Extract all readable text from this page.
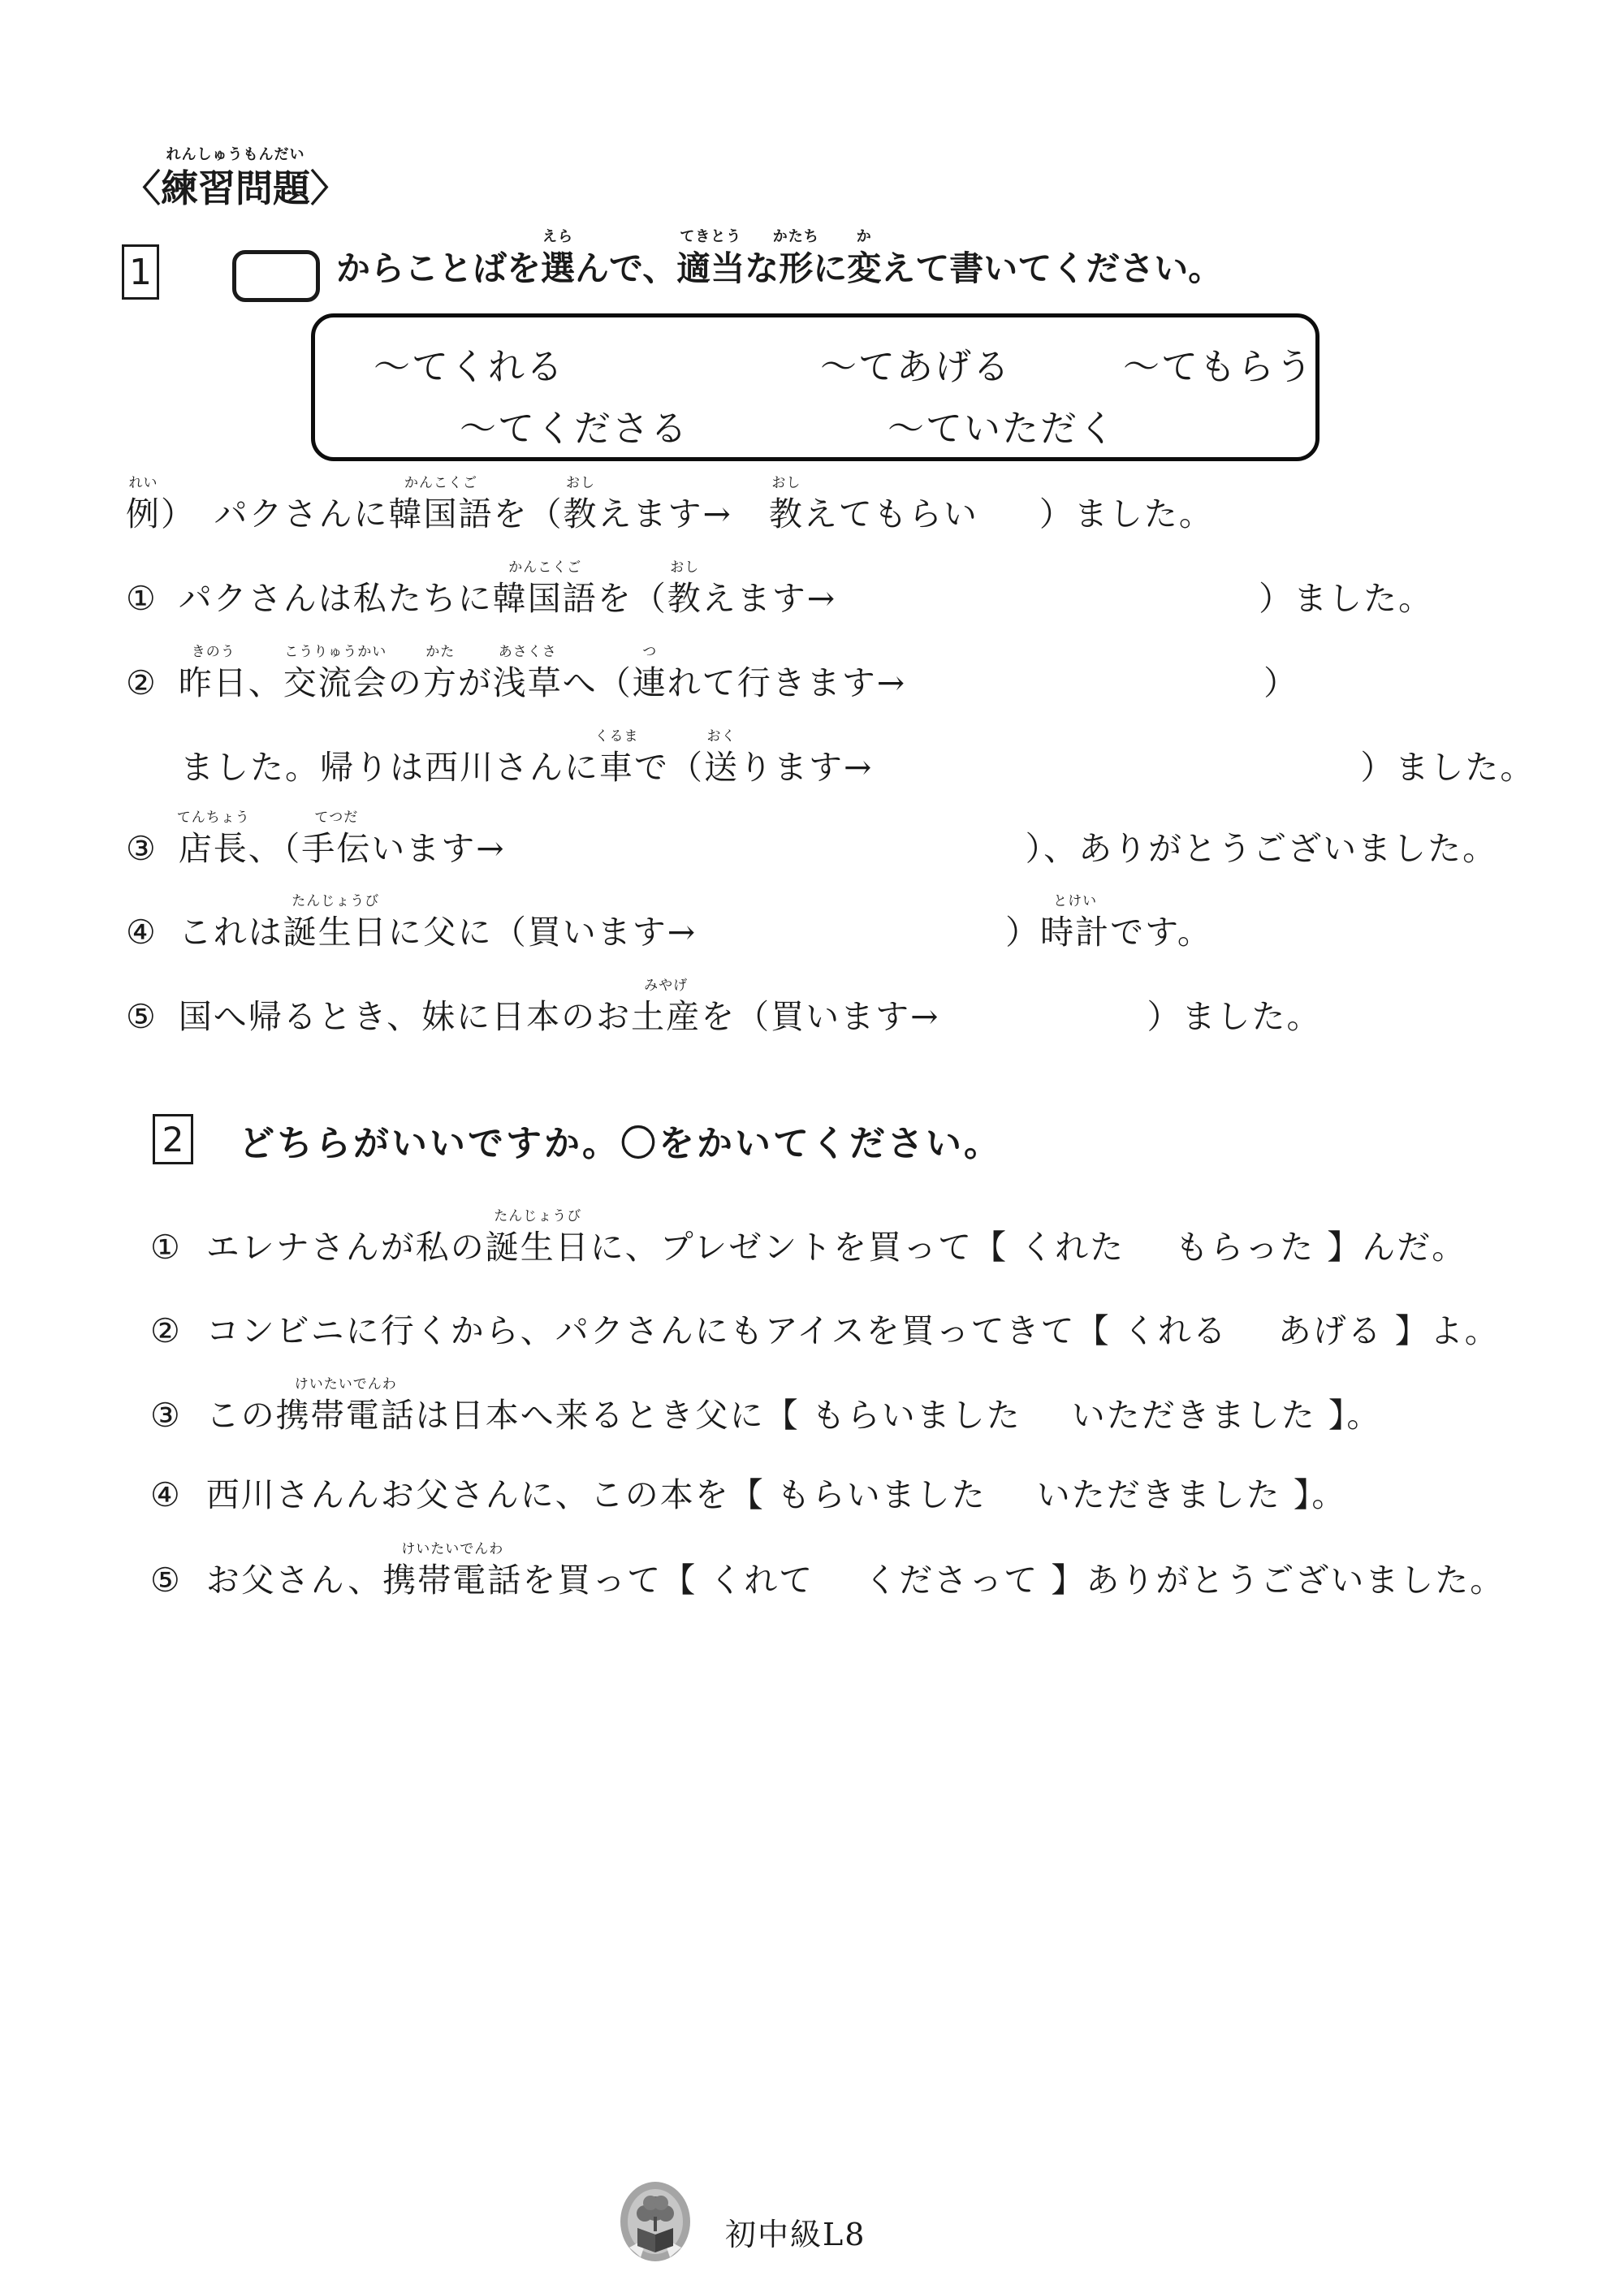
〈練習問題
れんしゅうもんだい
〉
1	からことばを選
えら
んで、適当
てきとう
な形
かたち
に変
か
えて書いてください。
～てくれる	～てあげる	～てもらう
～てくださる	～ていただく
例
れい
）　パクさんに韓国語
かんこくご
を（教
おし
えます→ 教
おし
えてもらい ）ました。
① パクさんは私たちに韓国語
かんこくご
を（教
おし
えます→	）ました。
② 昨日
きのう
、交流会
こうりゅうかい
の方
かた
が浅草
あさくさ
へ（連
つ
れて行きます→	）
ました。帰りは西川さんに車
くるま
で（送
おく
ります→	）ました。
③ 店長
てんちょう
、（手伝
てつだ
います→	）、ありがとうございました。
④ これは誕生日
たんじょうび
に父に（買います→	）時計
とけい
です。
⑤ 国へ帰るとき、妹に日本のお土産
みやげ
を（買います→	）ました。
2 どちらがいいですか。〇をかいてください。
① エレナさんが私の誕生日
たんじょうび
に、プレゼントを買って【 くれた もらった 】んだ。
② コンビニに行くから、パクさんにもアイスを買ってきて【 くれる あげる 】よ。
③ この携帯電話
けいたいでんわ
は日本へ来るとき父に【 もらいました いただきました 】。
④ 西川さんんお父さんに、この本を【 もらいました いただきました 】。
⑤ お父さん、携帯電話
けいたいでんわ
を買って【 くれて くださって 】ありがとうございました。
初中級L8
